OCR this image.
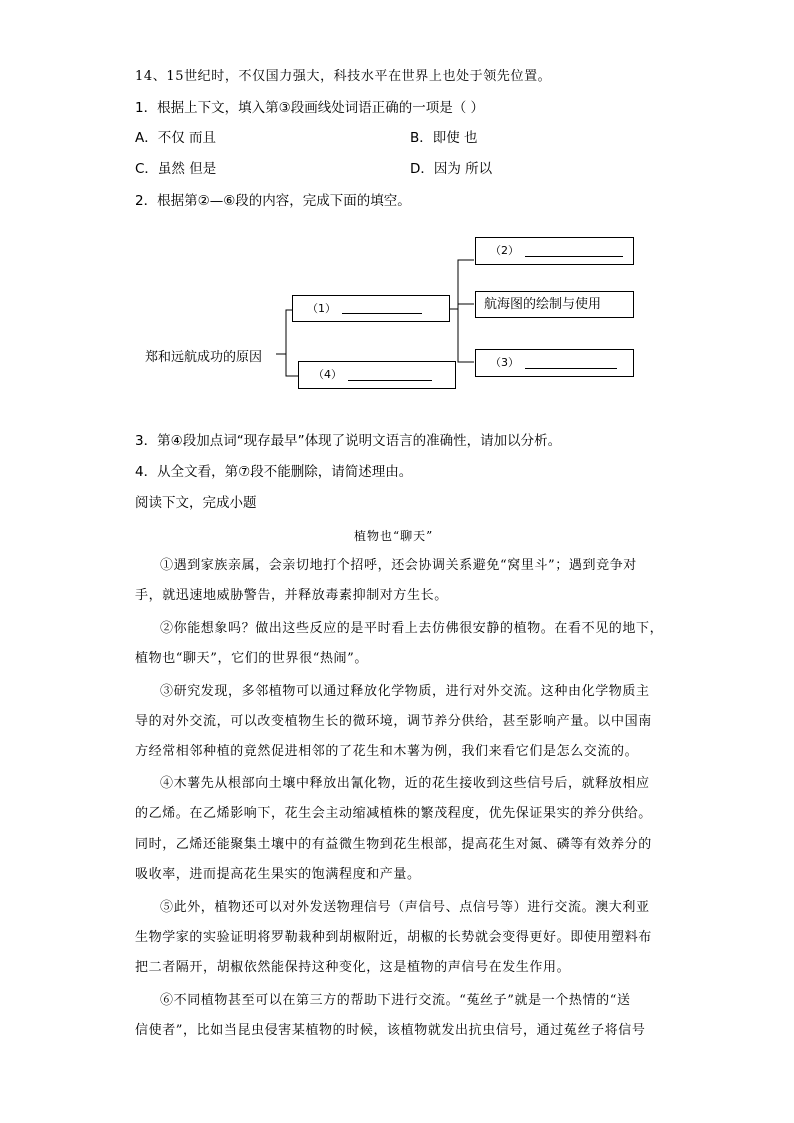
14、15世纪时，不仅国力强大，科技水平在世界上也处于领先位置。
1．根据上下文，填入第③段画线处词语正确的一项是（ ）
A．不仅 而且	B．即使 也
C．虽然 但是	D．因为 所以
2．根据第②—⑥段的内容，完成下面的填空。
郑和远航成功的原因
（1）
（2）
航海图的绘制与使用
（3）
（4）
3．第④段加点词“现存最早”体现了说明文语言的准确性，请加以分析。
4．从全文看，第⑦段不能删除，请简述理由。
阅读下文，完成小题
植物也“聊天”
①遇到家族亲属，会亲切地打个招呼，还会协调关系避免“窝里斗”；遇到竞争对
手，就迅速地威胁警告，并释放毒素抑制对方生长。
②你能想象吗？做出这些反应的是平时看上去仿佛很安静的植物。在看不见的地下，
植物也“聊天”，它们的世界很“热闹”。
③研究发现，多邻植物可以通过释放化学物质，进行对外交流。这种由化学物质主
导的对外交流，可以改变植物生长的微环境，调节养分供给，甚至影响产量。以中国南
方经常相邻种植的竟然促进相邻的了花生和木薯为例，我们来看它们是怎么交流的。
④木薯先从根部向土壤中释放出氰化物，近的花生接收到这些信号后，就释放相应
的乙烯。在乙烯影响下，花生会主动缩减植株的繁茂程度，优先保证果实的养分供给。
同时，乙烯还能聚集土壤中的有益微生物到花生根部，提高花生对氮、磷等有效养分的
吸收率，进而提高花生果实的饱满程度和产量。
⑤此外，植物还可以对外发送物理信号（声信号、点信号等）进行交流。澳大利亚
生物学家的实验证明将罗勒栽种到胡椒附近，胡椒的长势就会变得更好。即使用塑料布
把二者隔开，胡椒依然能保持这种变化，这是植物的声信号在发生作用。
⑥不同植物甚至可以在第三方的帮助下进行交流。“菟丝子”就是一个热情的“送
信使者”，比如当昆虫侵害某植物的时候，该植物就发出抗虫信号，通过菟丝子将信号
